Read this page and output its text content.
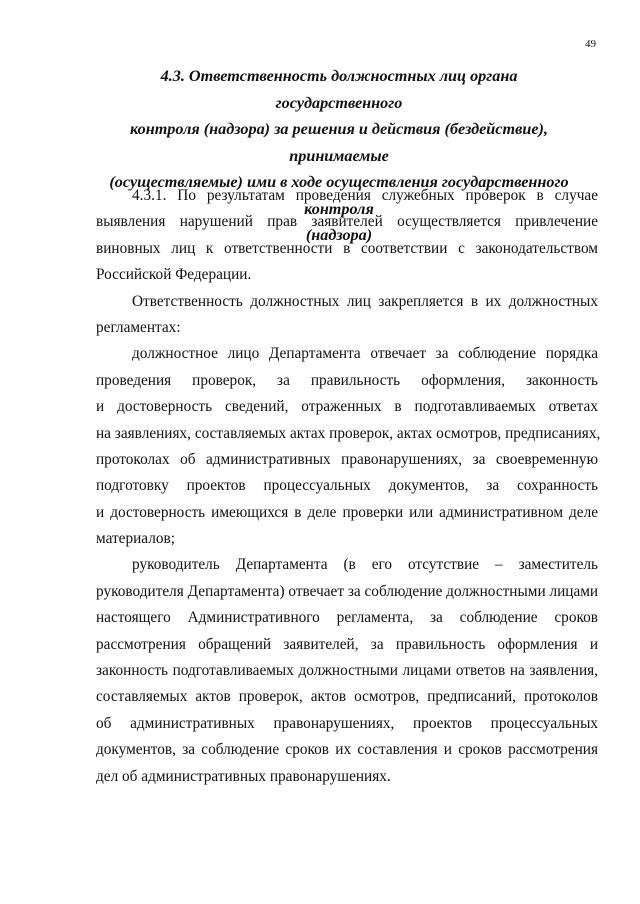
49
4.3. Ответственность должностных лиц органа государственного
контроля (надзора) за решения и действия (бездействие), принимаемые
(осуществляемые) ими в ходе осуществления государственного контроля
(надзора)
4.3.1. По результатам проведения служебных проверок в случае
выявления нарушений прав заявителей осуществляется привлечение
виновных лиц к ответственности в соответствии с законодательством
Российской Федерации.
Ответственность должностных лиц закрепляется в их должностных
регламентах:
должностное лицо Департамента отвечает за соблюдение порядка
проведения проверок, за правильность оформления, законность
и достоверность сведений, отраженных в подготавливаемых ответах
на заявлениях, составляемых актах проверок, актах осмотров, предписаниях,
протоколах об административных правонарушениях, за своевременную
подготовку проектов процессуальных документов, за сохранность
и достоверность имеющихся в деле проверки или административном деле
материалов;
руководитель Департамента (в его отсутствие – заместитель
руководителя Департамента) отвечает за соблюдение должностными лицами
настоящего Административного регламента, за соблюдение сроков
рассмотрения обращений заявителей, за правильность оформления и
законность подготавливаемых должностными лицами ответов на заявления,
составляемых актов проверок, актов осмотров, предписаний, протоколов
об административных правонарушениях, проектов процессуальных
документов, за соблюдение сроков их составления и сроков рассмотрения
дел об административных правонарушениях.
